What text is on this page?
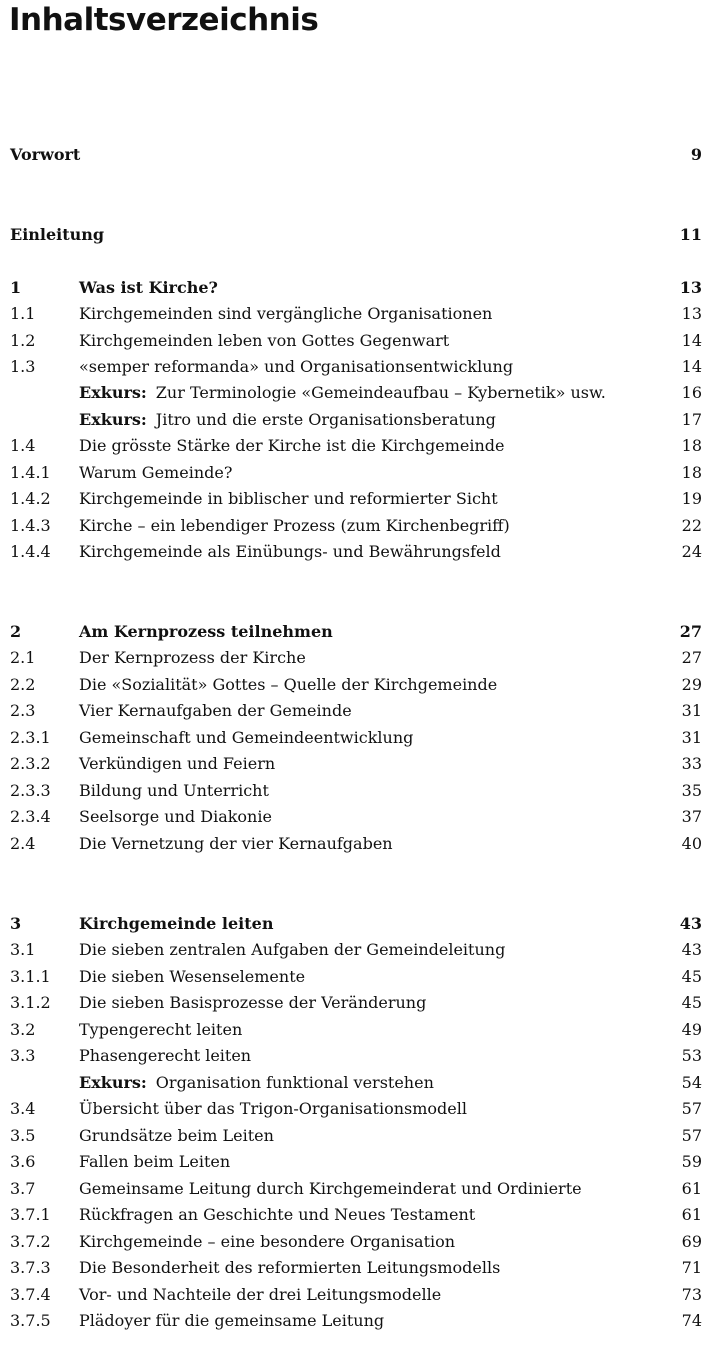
Inhaltsverzeichnis
Vorwort	9
Einleitung	11
1	Was ist Kirche?	13
1.1	Kirchgemeinden sind vergängliche Organisationen	13
1.2	Kirchgemeinden leben von Gottes Gegenwart	14
1.3	«semper reformanda» und Organisationsentwicklung	14
Exkurs: Zur Terminologie «Gemeindeaufbau – Kybernetik» usw.	16
Exkurs: Jitro und die erste Organisationsberatung	17
1.4	Die grösste Stärke der Kirche ist die Kirchgemeinde	18
1.4.1 Warum Gemeinde?	18
1.4.2 Kirchgemeinde in biblischer und reformierter Sicht	19
1.4.3 Kirche – ein lebendiger Prozess (zum Kirchenbegriff)	22
1.4.4 Kirchgemeinde als Einübungs- und Bewährungsfeld	24
2	Am Kernprozess teilnehmen	27
2.1	Der Kernprozess der Kirche	27
2.2	Die «Sozialität» Gottes – Quelle der Kirchgemeinde	29
2.3	Vier Kernaufgaben der Gemeinde	31
2.3.1 Gemeinschaft und Gemeindeentwicklung	31
2.3.2 Verkündigen und Feiern	33
2.3.3 Bildung und Unterricht	35
2.3.4 Seelsorge und Diakonie	37
2.4	Die Vernetzung der vier Kernaufgaben	40
3	Kirchgemeinde leiten	43
3.1	Die sieben zentralen Aufgaben der Gemeindeleitung	43
3.1.1 Die sieben Wesenselemente	45
3.1.2 Die sieben Basisprozesse der Veränderung	45
3.2	Typengerecht leiten	49
3.3	Phasengerecht leiten	53
Exkurs: Organisation funktional verstehen	54
3.4	Übersicht über das Trigon-Organisationsmodell	57
3.5	Grundsätze beim Leiten	57
3.6	Fallen beim Leiten	59
3.7	Gemeinsame Leitung durch Kirchgemeinderat und Ordinierte	61
3.7.1 Rückfragen an Geschichte und Neues Testament	61
3.7.2 Kirchgemeinde – eine besondere Organisation	69
3.7.3 Die Besonderheit des reformierten Leitungsmodells	71
3.7.4 Vor- und Nachteile der drei Leitungsmodelle	73
3.7.5 Plädoyer für die gemeinsame Leitung	74
